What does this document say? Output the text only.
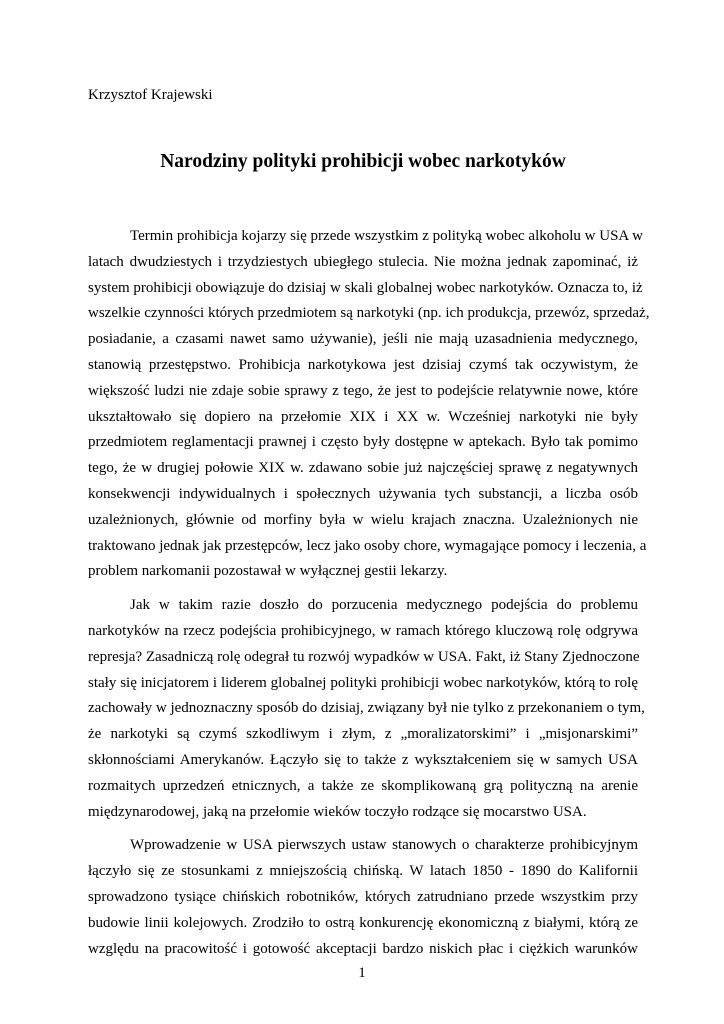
Krzysztof Krajewski
Narodziny polityki prohibicji wobec narkotyków
Termin prohibicja kojarzy się przede wszystkim z polityką wobec alkoholu w USA w
latach dwudziestych i trzydziestych ubiegłego stulecia. Nie można jednak zapominać, iż
system prohibicji obowiązuje do dzisiaj w skali globalnej wobec narkotyków. Oznacza to, iż
wszelkie czynności których przedmiotem są narkotyki (np. ich produkcja, przewóz, sprzedaż,
posiadanie, a czasami nawet samo używanie), jeśli nie mają uzasadnienia medycznego,
stanowią przestępstwo. Prohibicja narkotykowa jest dzisiaj czymś tak oczywistym, że
większość ludzi nie zdaje sobie sprawy z tego, że jest to podejście relatywnie nowe, które
ukształtowało się dopiero na przełomie XIX i XX w. Wcześniej narkotyki nie były
przedmiotem reglamentacji prawnej i często były dostępne w aptekach. Było tak pomimo
tego, że w drugiej połowie XIX w. zdawano sobie już najczęściej sprawę z negatywnych
konsekwencji indywidualnych i społecznych używania tych substancji, a liczba osób
uzależnionych, głównie od morfiny była w wielu krajach znaczna. Uzależnionych nie
traktowano jednak jak przestępców, lecz jako osoby chore, wymagające pomocy i leczenia, a
problem narkomanii pozostawał w wyłącznej gestii lekarzy.
Jak w takim razie doszło do porzucenia medycznego podejścia do problemu
narkotyków na rzecz podejścia prohibicyjnego, w ramach którego kluczową rolę odgrywa
represja? Zasadniczą rolę odegrał tu rozwój wypadków w USA. Fakt, iż Stany Zjednoczone
stały się inicjatorem i liderem globalnej polityki prohibicji wobec narkotyków, którą to rolę
zachowały w jednoznaczny sposób do dzisiaj, związany był nie tylko z przekonaniem o tym,
że narkotyki są czymś szkodliwym i złym, z „moralizatorskimi” i „misjonarskimi”
skłonnościami Amerykanów. Łączyło się to także z wykształceniem się w samych USA
rozmaitych uprzedzeń etnicznych, a także ze skomplikowaną grą polityczną na arenie
międzynarodowej, jaką na przełomie wieków toczyło rodzące się mocarstwo USA.
Wprowadzenie w USA pierwszych ustaw stanowych o charakterze prohibicyjnym
łączyło się ze stosunkami z mniejszością chińską. W latach 1850 - 1890 do Kalifornii
sprowadzono tysiące chińskich robotników, których zatrudniano przede wszystkim przy
budowie linii kolejowych. Zrodziło to ostrą konkurencję ekonomiczną z białymi, którą ze
względu na pracowitość i gotowość akceptacji bardzo niskich płac i ciężkich warunków
1
